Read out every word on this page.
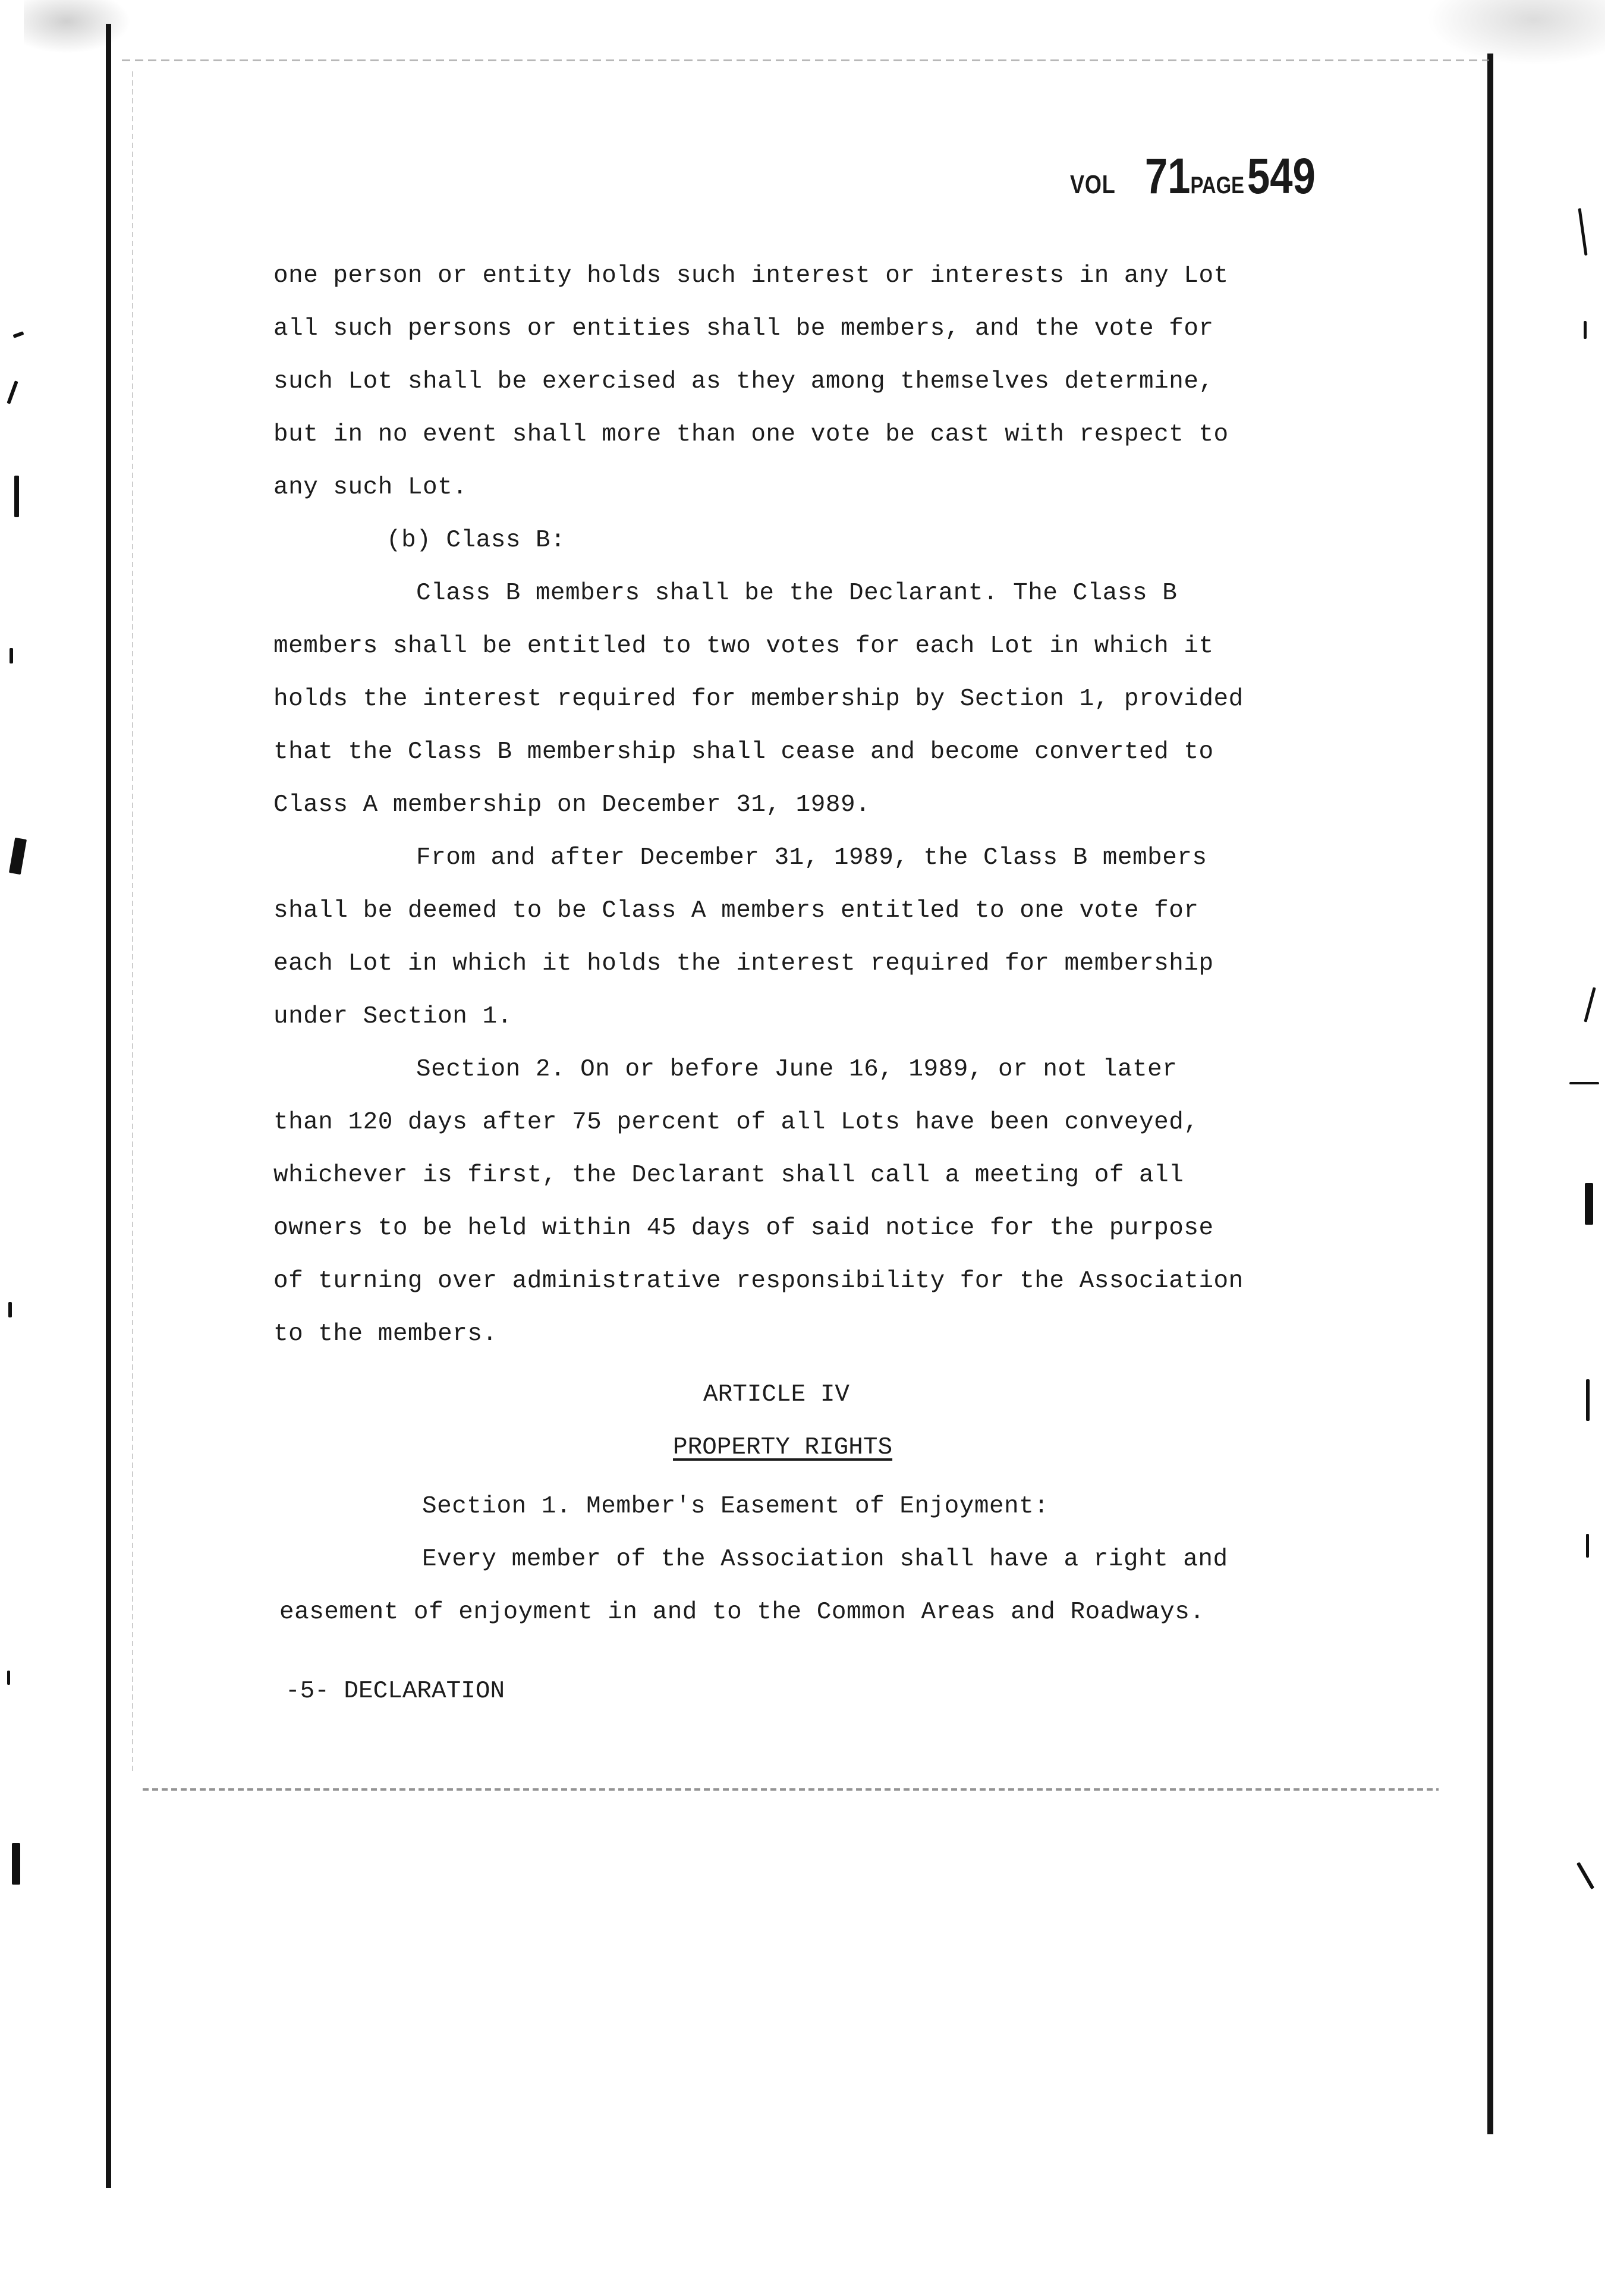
VOL 71PAGE549
one person or entity holds such interest or interests in any Lot
all such persons or entities shall be members, and the vote for
such Lot shall be exercised as they among themselves determine,
but in no event shall more than one vote be cast with respect to
any such Lot.
(b) Class B:
Class B members shall be the Declarant. The Class B
members shall be entitled to two votes for each Lot in which it
holds the interest required for membership by Section 1, provided
that the Class B membership shall cease and become converted to
Class A membership on December 31, 1989.
From and after December 31, 1989, the Class B members
shall be deemed to be Class A members entitled to one vote for
each Lot in which it holds the interest required for membership
under Section 1.
Section 2. On or before June 16, 1989, or not later
than 120 days after 75 percent of all Lots have been conveyed,
whichever is first, the Declarant shall call a meeting of all
owners to be held within 45 days of said notice for the purpose
of turning over administrative responsibility for the Association
to the members.
ARTICLE IV
PROPERTY RIGHTS
Section 1. Member's Easement of Enjoyment:
Every member of the Association shall have a right and
easement of enjoyment in and to the Common Areas and Roadways.
-5- DECLARATION
